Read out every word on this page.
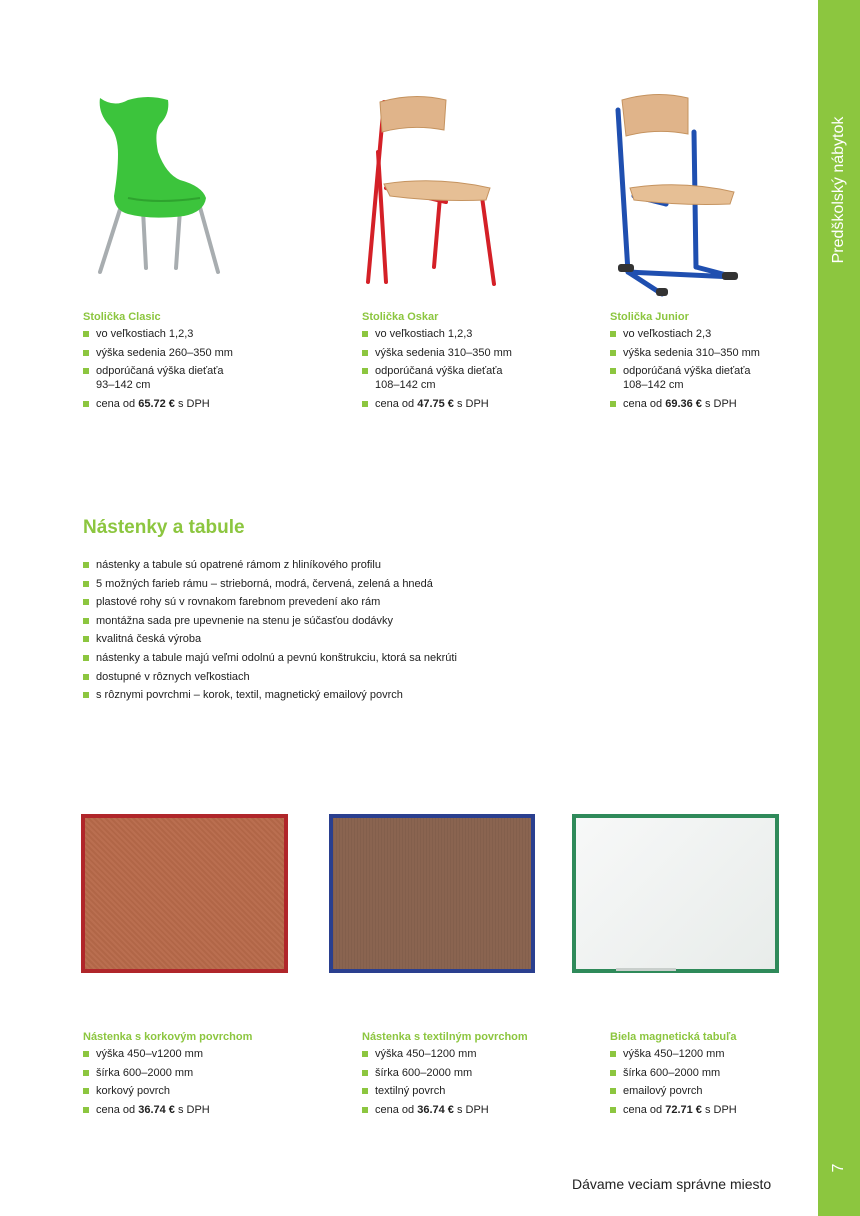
Predškolský nábytok
7
Stolička Clasic
vo veľkostiach 1,2,3
výška sedenia 260–350 mm
odporúčaná výška dieťaťa 93–142 cm
cena od 65.72 € s DPH
Stolička Oskar
vo veľkostiach 1,2,3
výška sedenia 310–350 mm
odporúčaná výška dieťaťa 108–142 cm
cena od 47.75 € s DPH
Stolička Junior
vo veľkostiach 2,3
výška sedenia 310–350 mm
odporúčaná výška dieťaťa 108–142 cm
cena od 69.36 € s DPH
Nástenky a tabule
nástenky a tabule sú opatrené rámom z hliníkového profilu
5 možných farieb rámu – strieborná, modrá, červená, zelená a hnedá
plastové rohy sú v rovnakom farebnom prevedení ako rám
montážna sada pre upevnenie na stenu je súčasťou dodávky
kvalitná česká výroba
nástenky a tabule majú veľmi odolnú a pevnú konštrukciu, ktorá sa nekrúti
dostupné v rôznych veľkostiach
s rôznymi povrchmi – korok, textil, magnetický emailový povrch
Nástenka s korkovým povrchom
výška 450–v1200 mm
šírka 600–2000 mm
korkový povrch
cena od 36.74 € s DPH
Nástenka s textilným povrchom
výška 450–1200 mm
šírka 600–2000 mm
textilný povrch
cena od 36.74 € s DPH
Biela magnetická tabuľa
výška 450–1200 mm
šírka 600–2000 mm
emailový povrch
cena od 72.71 € s DPH
Dávame veciam správne miesto
